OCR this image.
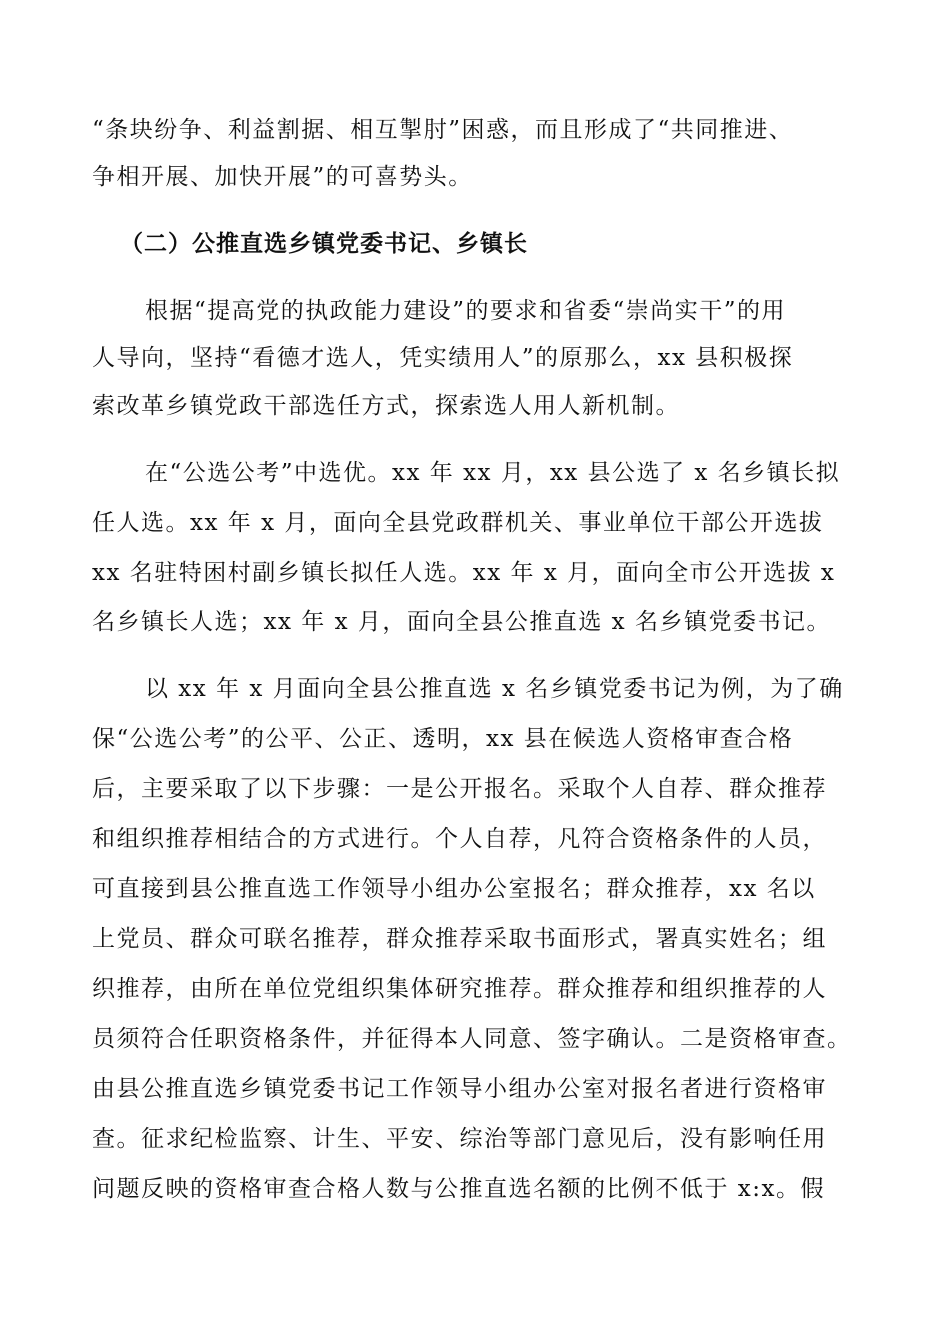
“条块纷争、利益割据、相互掣肘”困惑，而且形成了“共同推进、
争相开展、加快开展”的可喜势头。
（二）公推直选乡镇党委书记、乡镇长
根据“提高党的执政能力建设”的要求和省委“崇尚实干”的用
人导向，坚持“看德才选人，凭实绩用人”的原那么，xx 县积极探
索改革乡镇党政干部选任方式，探索选人用人新机制。
在“公选公考”中选优。xx 年 xx 月，xx 县公选了 x 名乡镇长拟
任人选。xx 年 x 月，面向全县党政群机关、事业单位干部公开选拔
xx 名驻特困村副乡镇长拟任人选。xx 年 x 月，面向全市公开选拔 x
名乡镇长人选；xx 年 x 月，面向全县公推直选 x 名乡镇党委书记。
以 xx 年 x 月面向全县公推直选 x 名乡镇党委书记为例，为了确
保“公选公考”的公平、公正、透明，xx 县在候选人资格审查合格
后，主要采取了以下步骤：一是公开报名。采取个人自荐、群众推荐
和组织推荐相结合的方式进行。个人自荐，凡符合资格条件的人员，
可直接到县公推直选工作领导小组办公室报名；群众推荐，xx 名以
上党员、群众可联名推荐，群众推荐采取书面形式，署真实姓名；组
织推荐，由所在单位党组织集体研究推荐。群众推荐和组织推荐的人
员须符合任职资格条件，并征得本人同意、签字确认。二是资格审查。
由县公推直选乡镇党委书记工作领导小组办公室对报名者进行资格审
查。征求纪检监察、计生、平安、综治等部门意见后，没有影响任用
问题反映的资格审查合格人数与公推直选名额的比例不低于 x:x。假
